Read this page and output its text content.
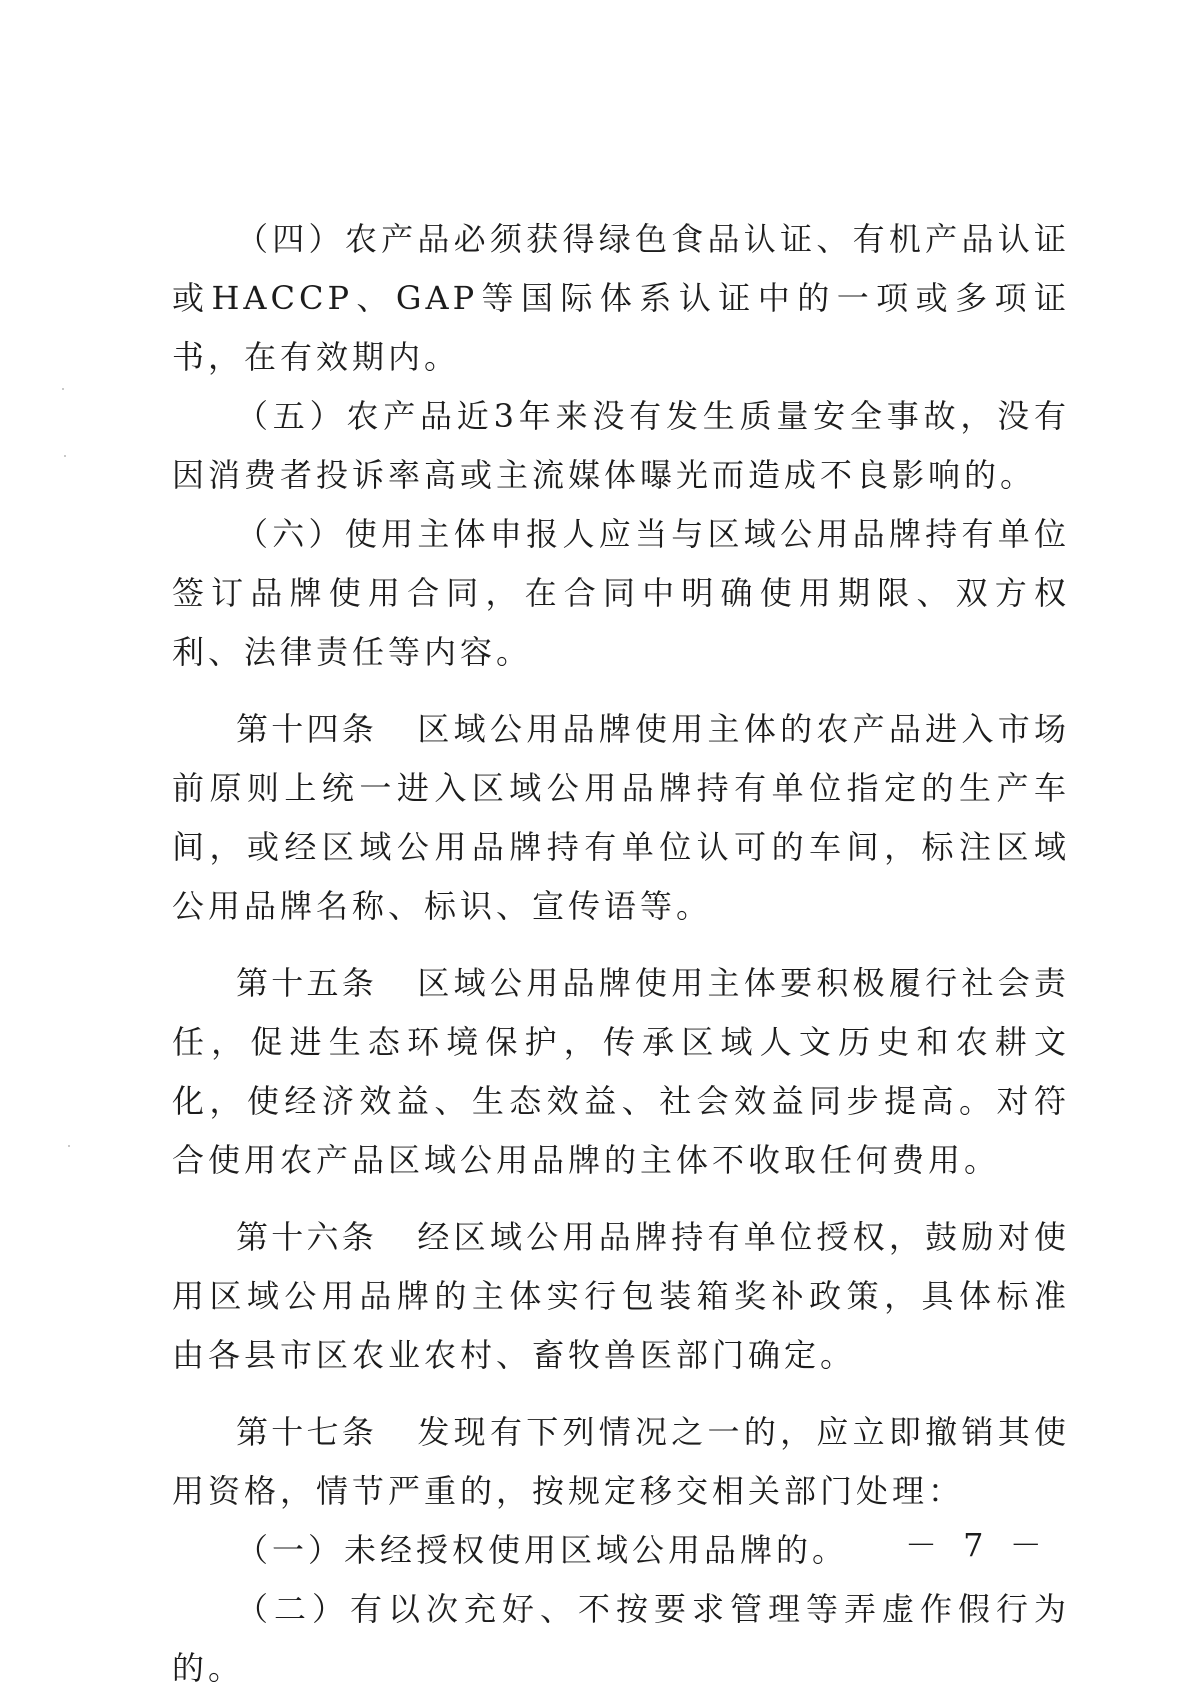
（四）农产品必须获得绿色食品认证、有机产品认证或HACCP、GAP等国际体系认证中的一项或多项证书，在有效期内。

（五）农产品近3年来没有发生质量安全事故，没有因消费者投诉率高或主流媒体曝光而造成不良影响的。

（六）使用主体申报人应当与区域公用品牌持有单位签订品牌使用合同，在合同中明确使用期限、双方权利、法律责任等内容。

第十四条 区域公用品牌使用主体的农产品进入市场前原则上统一进入区域公用品牌持有单位指定的生产车间，或经区域公用品牌持有单位认可的车间，标注区域公用品牌名称、标识、宣传语等。

第十五条 区域公用品牌使用主体要积极履行社会责任，促进生态环境保护，传承区域人文历史和农耕文化，使经济效益、生态效益、社会效益同步提高。对符合使用农产品区域公用品牌的主体不收取任何费用。

第十六条 经区域公用品牌持有单位授权，鼓励对使用区域公用品牌的主体实行包装箱奖补政策，具体标准由各县市区农业农村、畜牧兽医部门确定。

第十七条 发现有下列情况之一的，应立即撤销其使用资格，情节严重的，按规定移交相关部门处理：

（一）未经授权使用区域公用品牌的。

（二）有以次充好、不按要求管理等弄虚作假行为的。

－ 7 －
